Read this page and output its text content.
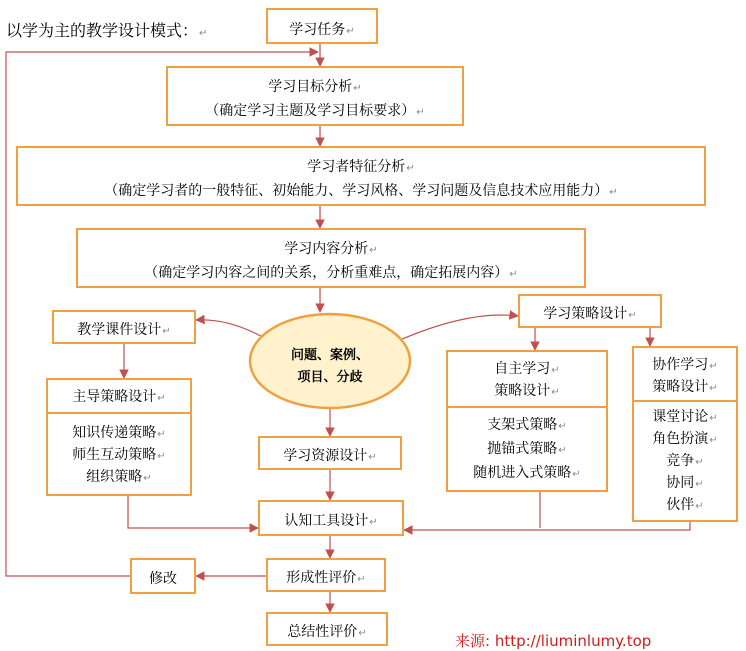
以学为主的教学设计模式：↵	学习任务↵
学习目标分析↵
（确定学习主题及学习目标要求）↵
学习者特征分析↵
（确定学习者的一般特征、初始能力、学习风格、学习问题及信息技术应用能力）↵
学习内容分析↵
（确定学习内容之间的关系，分析重难点，确定拓展内容）↵
教学课件设计↵
问题、案例、
项目、分歧
学习策略设计↵
自主学习↵
策略设计↵
支架式策略↵
抛锚式策略↵
随机进入式策略↵
协作学习↵
策略设计↵
课堂讨论↵
角色扮演↵
竞争↵
协同↵
伙伴↵
主导策略设计↵
知识传递策略↵
师生互动策略↵
组织策略↵
学习资源设计↵
认知工具设计↵
形成性评价↵
修改
总结性评价↵	来源: http://liuminlumy.top
